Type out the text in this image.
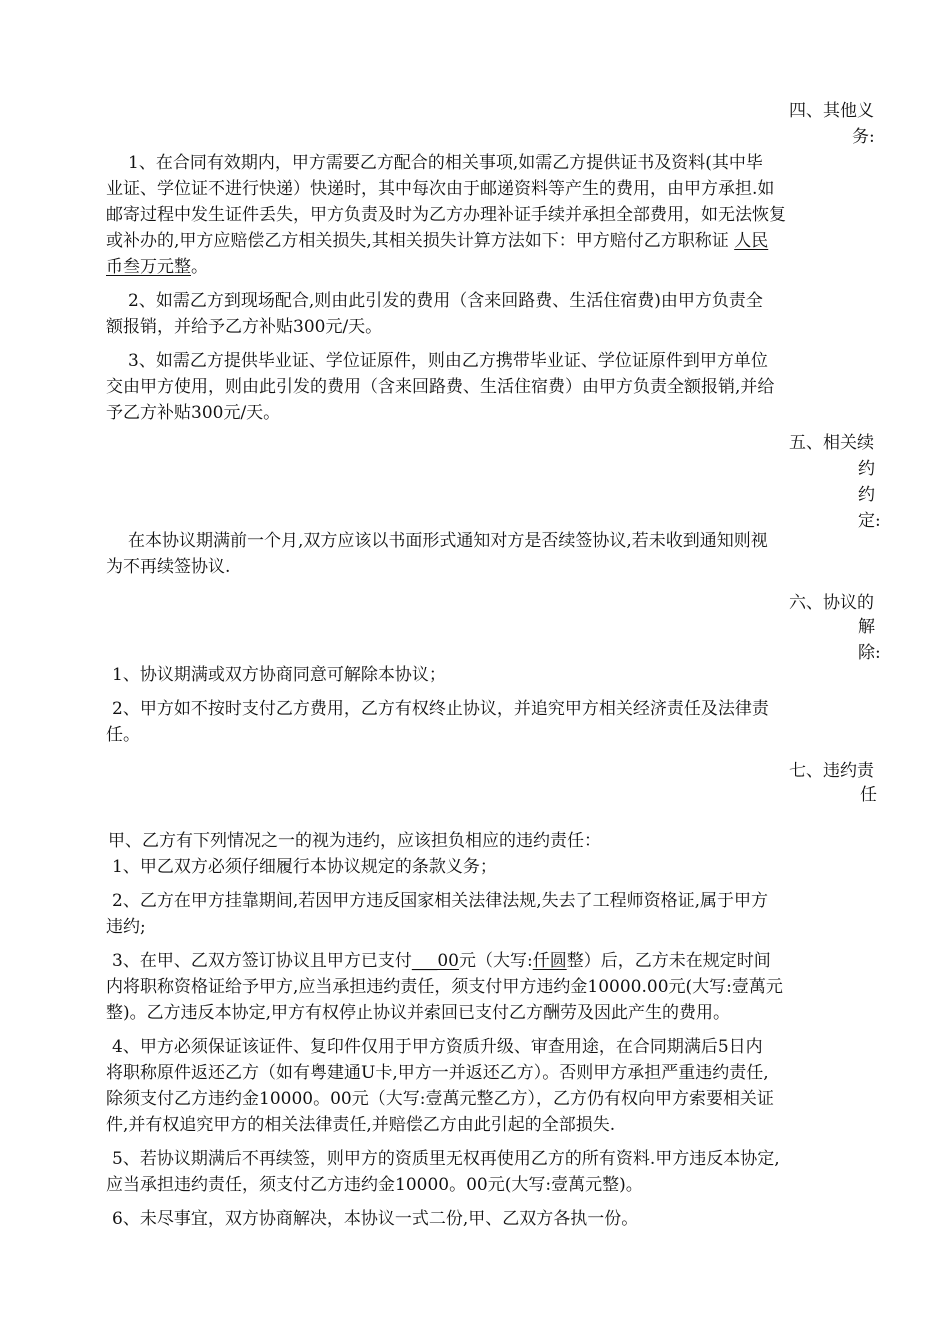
四、其他义
务:
1、在合同有效期内，甲方需要乙方配合的相关事项,如需乙方提供证书及资料(其中毕
业证、学位证不进行快递）快递时，其中每次由于邮递资料等产生的费用，由甲方承担.如
邮寄过程中发生证件丢失，甲方负责及时为乙方办理补证手续并承担全部费用，如无法恢复
或补办的,甲方应赔偿乙方相关损失,其相关损失计算方法如下：甲方赔付乙方职称证 人民
币叁万元整。
2、如需乙方到现场配合,则由此引发的费用（含来回路费、生活住宿费)由甲方负责全
额报销，并给予乙方补贴300元/天。
3、如需乙方提供毕业证、学位证原件，则由乙方携带毕业证、学位证原件到甲方单位
交由甲方使用，则由此引发的费用（含来回路费、生活住宿费）由甲方负责全额报销,并给
予乙方补贴300元/天。
五、相关续
约
约
定:
在本协议期满前一个月,双方应该以书面形式通知对方是否续签协议,若未收到通知则视
为不再续签协议.
六、协议的
解
除:
1、协议期满或双方协商同意可解除本协议；
2、甲方如不按时支付乙方费用，乙方有权终止协议，并追究甲方相关经济责任及法律责
任。
七、违约责
任
甲、乙方有下列情况之一的视为违约，应该担负相应的违约责任：
1、甲乙双方必须仔细履行本协议规定的条款义务；
2、乙方在甲方挂靠期间,若因甲方违反国家相关法律法规,失去了工程师资格证,属于甲方
违约;
3、在甲、乙双方签订协议且甲方已支付___00元（大写:仟圆整）后，乙方未在规定时间
内将职称资格证给予甲方,应当承担违约责任，须支付甲方违约金10000.00元(大写:壹萬元
整)。乙方违反本协定,甲方有权停止协议并索回已支付乙方酬劳及因此产生的费用。
4、甲方必须保证该证件、复印件仅用于甲方资质升级、审查用途，在合同期满后5日内
将职称原件返还乙方（如有粤建通U卡,甲方一并返还乙方）。否则甲方承担严重违约责任,
除须支付乙方违约金10000。00元（大写:壹萬元整乙方），乙方仍有权向甲方索要相关证
件,并有权追究甲方的相关法律责任,并赔偿乙方由此引起的全部损失.
5、若协议期满后不再续签，则甲方的资质里无权再使用乙方的所有资料.甲方违反本协定,
应当承担违约责任，须支付乙方违约金10000。00元(大写:壹萬元整)。
6、未尽事宜，双方协商解决，本协议一式二份,甲、乙双方各执一份。
